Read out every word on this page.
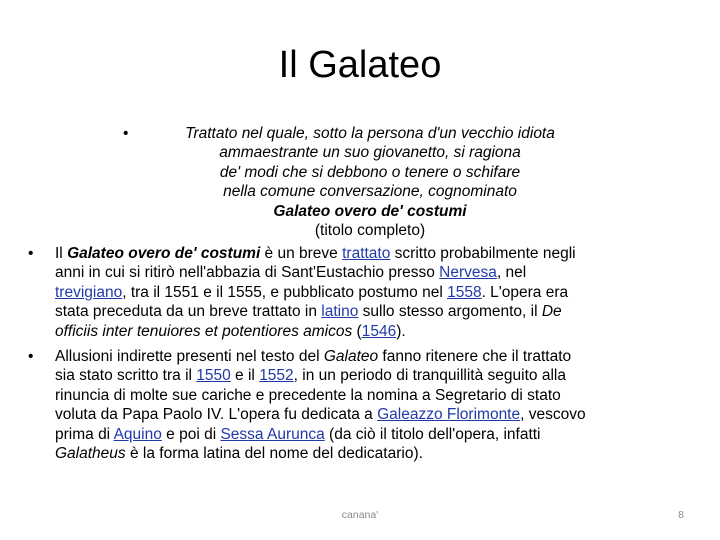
Il Galateo
•	Trattato nel quale, sotto la persona d'un vecchio idiota
ammaestrante un suo giovanetto, si ragiona
de' modi che si debbono o tenere o schifare
nella comune conversazione, cognominato
Galateo overo de' costumi
(titolo completo)
• Il Galateo overo de' costumi è un breve trattato scritto probabilmente negli
anni in cui si ritirò nell'abbazia di Sant'Eustachio presso Nervesa, nel
trevigiano, tra il 1551 e il 1555, e pubblicato postumo nel 1558. L'opera era
stata preceduta da un breve trattato in latino sullo stesso argomento, il De
officiis inter tenuiores et potentiores amicos (1546).
• Allusioni indirette presenti nel testo del Galateo fanno ritenere che il trattato
sia stato scritto tra il 1550 e il 1552, in un periodo di tranquillità seguito alla
rinuncia di molte sue cariche e precedente la nomina a Segretario di stato
voluta da Papa Paolo IV. L'opera fu dedicata a Galeazzo Florimonte, vescovo
prima di Aquino e poi di Sessa Aurunca (da ciò il titolo dell'opera, infatti
Galatheus è la forma latina del nome del dedicatario).
canana'	8
